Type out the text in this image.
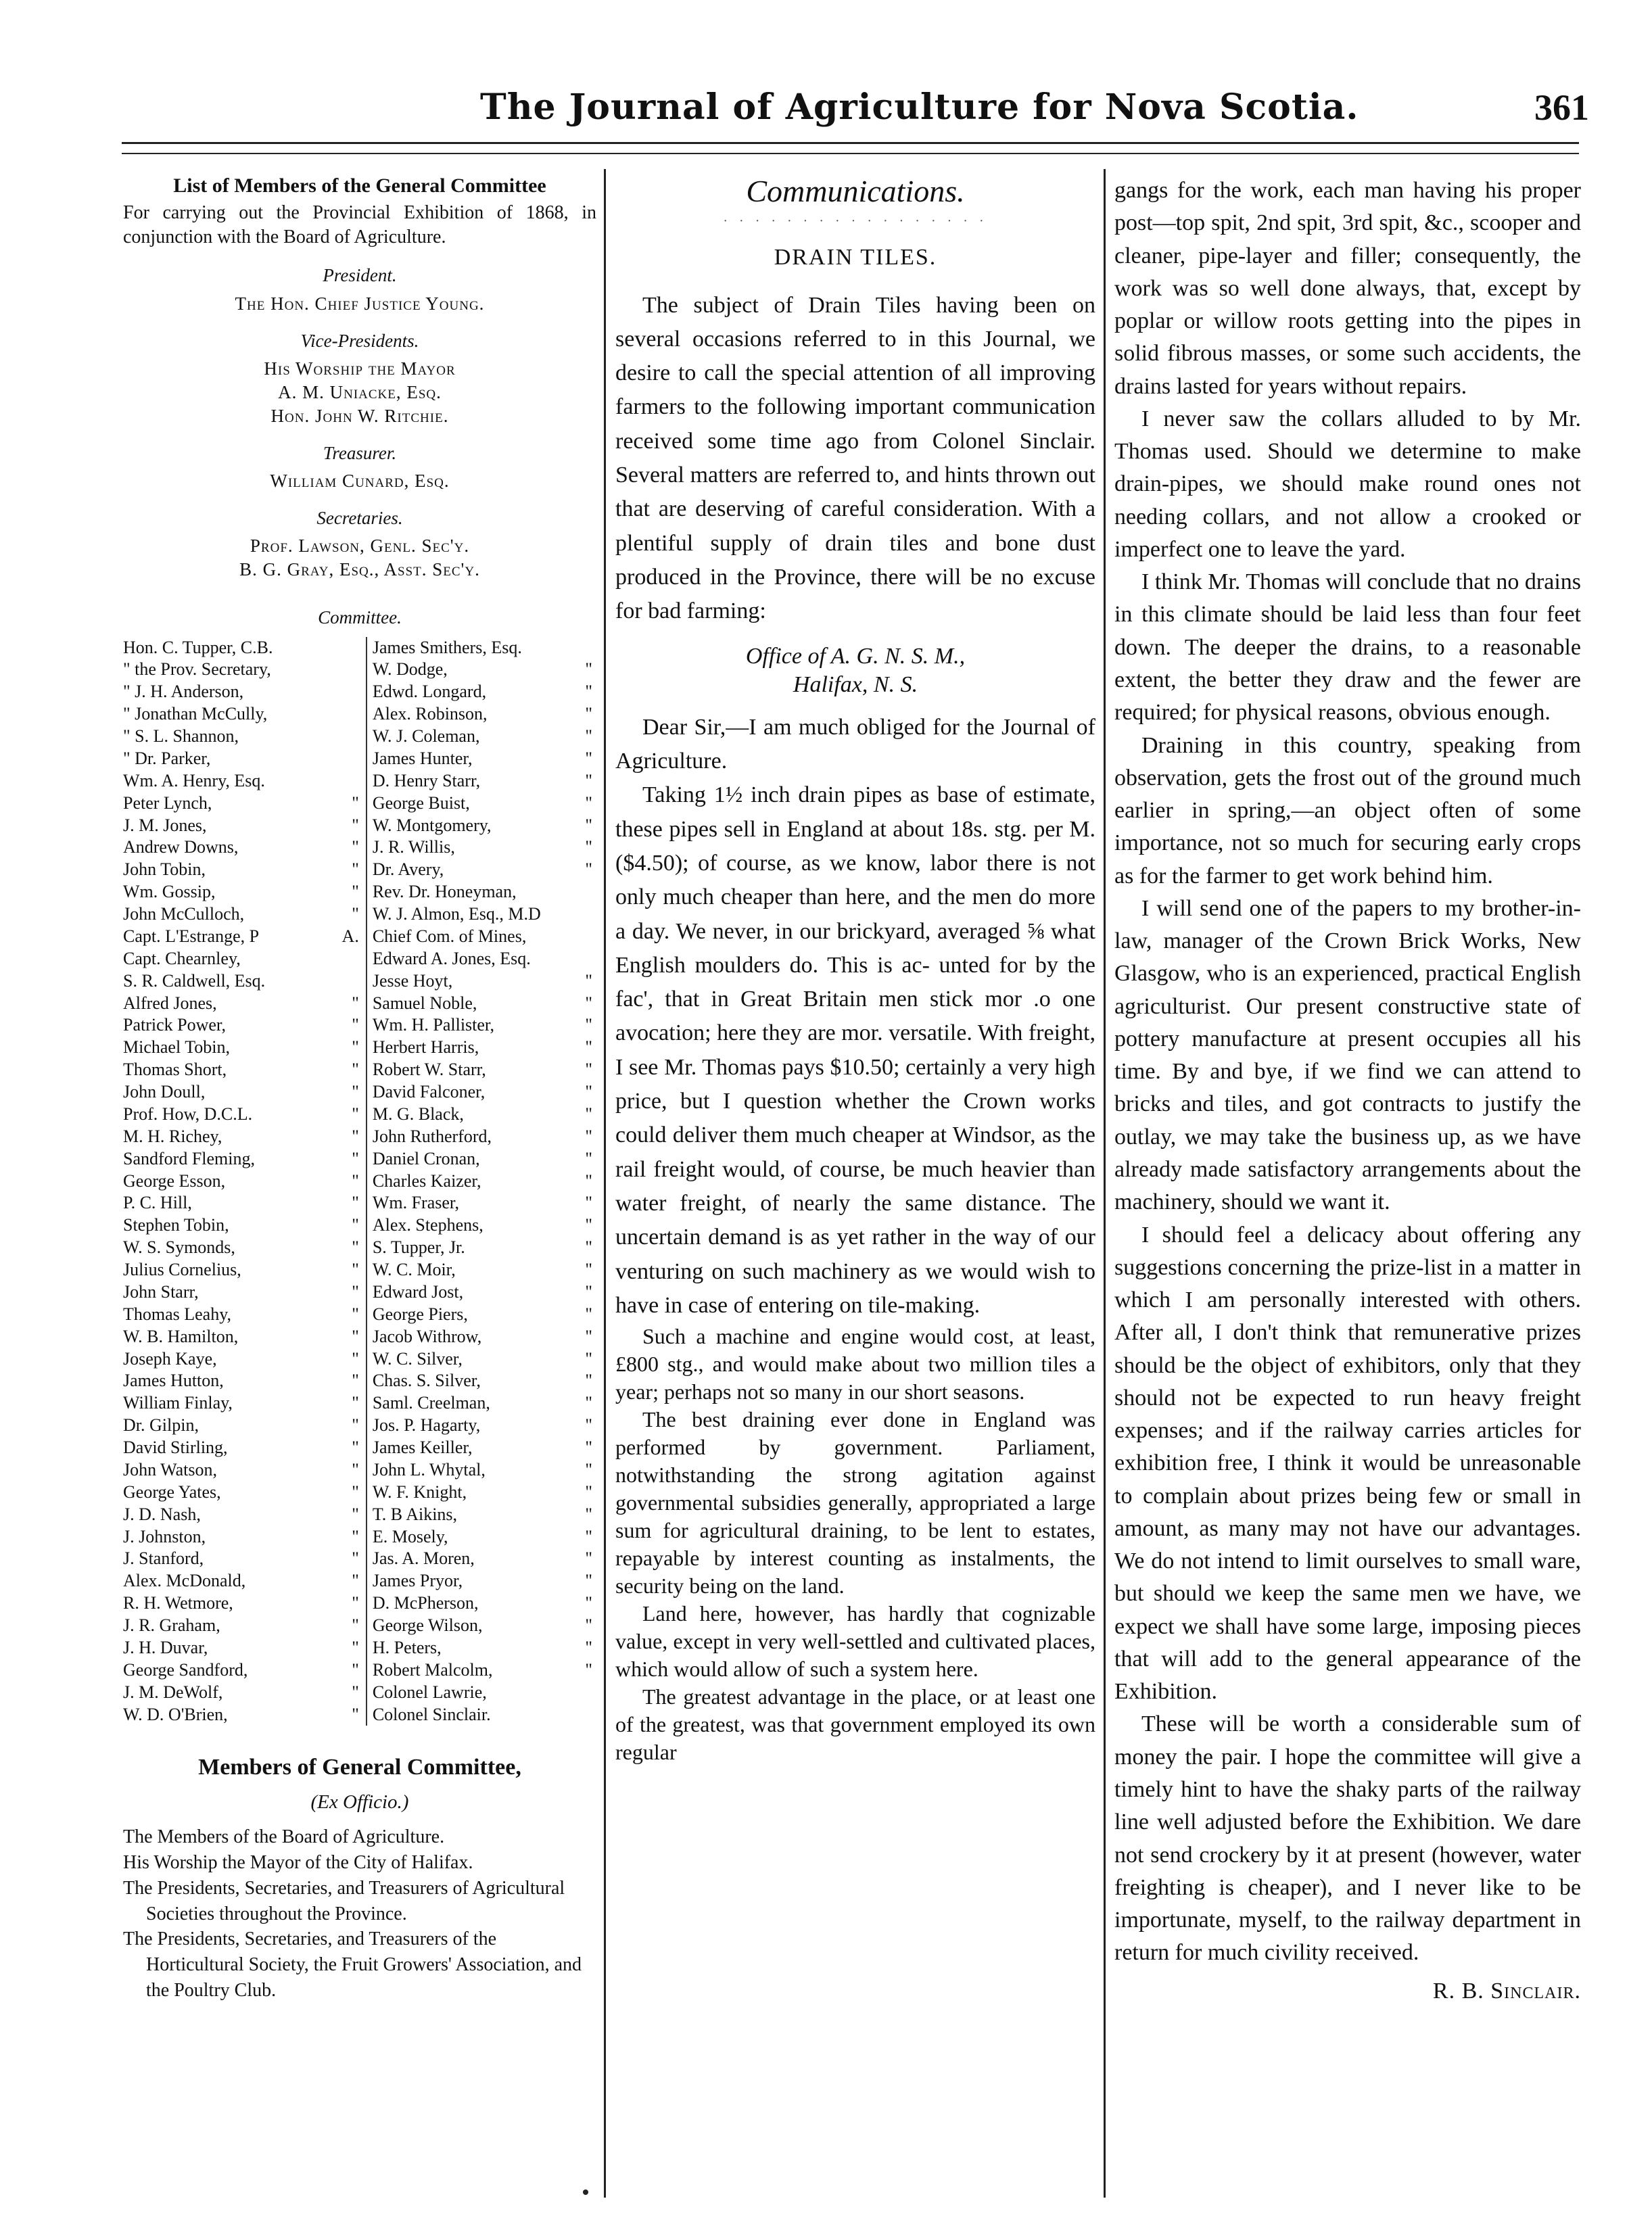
The Journal of Agriculture for Nova Scotia.	361
List of Members of the General Committee
For carrying out the Provincial Exhibition of 1868, in conjunction with the Board of Agriculture.
President.
The Hon. Chief Justice Young.
Vice-Presidents.
His Worship the Mayor
A. M. Uniacke, Esq.
Hon. John W. Ritchie.
Treasurer.
William Cunard, Esq.
Secretaries.
Prof. Lawson, Genl. Sec'y.
B. G. Gray, Esq., Asst. Sec'y.
Committee.
Hon. C. Tupper, C.B.
" the Prov. Secretary,
" J. H. Anderson,
" Jonathan McCully,
" S. L. Shannon,
" Dr. Parker,
Wm. A. Henry, Esq.
Peter Lynch,	"
J. M. Jones,	"
Andrew Downs,	"
John Tobin,	"
Wm. Gossip,	"
John McCulloch,	"
Capt. L'Estrange, P	A.
Capt. Chearnley,
S. R. Caldwell, Esq.
Alfred Jones,	"
Patrick Power,	"
Michael Tobin,	"
Thomas Short,	"
John Doull,	"
Prof. How, D.C.L.	"
M. H. Richey,	"
Sandford Fleming,	"
George Esson,	"
P. C. Hill,	"
Stephen Tobin,	"
W. S. Symonds,	"
Julius Cornelius,	"
John Starr,	"
Thomas Leahy,	"
W. B. Hamilton,	"
Joseph Kaye,	"
James Hutton,	"
William Finlay,	"
Dr. Gilpin,	"
David Stirling,	"
John Watson,	"
George Yates,	"
J. D. Nash,	"
J. Johnston,	"
J. Stanford,	"
Alex. McDonald,	"
R. H. Wetmore,	"
J. R. Graham,	"
J. H. Duvar,	"
George Sandford,	"
J. M. DeWolf,	"
W. D. O'Brien,	"
James Smithers, Esq.
W. Dodge,	"
Edwd. Longard,	"
Alex. Robinson,	"
W. J. Coleman,	"
James Hunter,	"
D. Henry Starr,	"
George Buist,	"
W. Montgomery,	"
J. R. Willis,	"
Dr. Avery,	"
Rev. Dr. Honeyman,
W. J. Almon, Esq., M.D
Chief Com. of Mines,
Edward A. Jones, Esq.
Jesse Hoyt,	"
Samuel Noble,	"
Wm. H. Pallister,	"
Herbert Harris,	"
Robert W. Starr,	"
David Falconer,	"
M. G. Black,	"
John Rutherford,	"
Daniel Cronan,	"
Charles Kaizer,	"
Wm. Fraser,	"
Alex. Stephens,	"
S. Tupper, Jr.	"
W. C. Moir,	"
Edward Jost,	"
George Piers,	"
Jacob Withrow,	"
W. C. Silver,	"
Chas. S. Silver,	"
Saml. Creelman,	"
Jos. P. Hagarty,	"
James Keiller,	"
John L. Whytal,	"
W. F. Knight,	"
T. B Aikins,	"
E. Mosely,	"
Jas. A. Moren,	"
James Pryor,	"
D. McPherson,	"
George Wilson,	"
H. Peters,	"
Robert Malcolm,	"
Colonel Lawrie,
Colonel Sinclair.
Members of General Committee,
(Ex Officio.)

The Members of the Board of Agriculture.

His Worship the Mayor of the City of Halifax.

The Presidents, Secretaries, and Treasurers of Agricultural Societies throughout the Province.

The Presidents, Secretaries, and Treasurers of the Horticultural Society, the Fruit Growers' Association, and the Poultry Club.

Communications.
· · · · · · · · · · · · · · · · ·
DRAIN TILES.

The subject of Drain Tiles having been on several occasions referred to in this Journal, we desire to call the special attention of all improving farmers to the following important communication received some time ago from Colonel Sinclair. Several matters are referred to, and hints thrown out that are deserving of careful consideration. With a plentiful supply of drain tiles and bone dust produced in the Province, there will be no excuse for bad farming:

Office of A. G. N. S. M.,
Halifax, N. S.

Dear Sir,—I am much obliged for the Journal of Agriculture.

Taking 1½ inch drain pipes as base of estimate, these pipes sell in England at about 18s. stg. per M. ($4.50); of course, as we know, labor there is not only much cheaper than here, and the men do more a day. We never, in our brickyard, averaged ⅝ what English moulders do. This is ac- unted for by the fac', that in Great Britain men stick mor .o one avocation; here they are mor. versatile. With freight, I see Mr. Thomas pays $10.50; certainly a very high price, but I question whether the Crown works could deliver them much cheaper at Windsor, as the rail freight would, of course, be much heavier than water freight, of nearly the same distance. The uncertain demand is as yet rather in the way of our venturing on such machinery as we would wish to have in case of entering on tile-making.

Such a machine and engine would cost, at least, £800 stg., and would make about two million tiles a year; perhaps not so many in our short seasons.

The best draining ever done in England was performed by government. Parliament, notwithstanding the strong agitation against governmental subsidies generally, appropriated a large sum for agricultural draining, to be lent to estates, repayable by interest counting as instalments, the security being on the land.

Land here, however, has hardly that cognizable value, except in very well-settled and cultivated places, which would allow of such a system here.

The greatest advantage in the place, or at least one of the greatest, was that government employed its own regular

gangs for the work, each man having his proper post—top spit, 2nd spit, 3rd spit, &c., scooper and cleaner, pipe-layer and filler; consequently, the work was so well done always, that, except by poplar or willow roots getting into the pipes in solid fibrous masses, or some such accidents, the drains lasted for years without repairs.

I never saw the collars alluded to by Mr. Thomas used. Should we determine to make drain-pipes, we should make round ones not needing collars, and not allow a crooked or imperfect one to leave the yard.

I think Mr. Thomas will conclude that no drains in this climate should be laid less than four feet down. The deeper the drains, to a reasonable extent, the better they draw and the fewer are required; for physical reasons, obvious enough.

Draining in this country, speaking from observation, gets the frost out of the ground much earlier in spring,—an object often of some importance, not so much for securing early crops as for the farmer to get work behind him.

I will send one of the papers to my brother-in-law, manager of the Crown Brick Works, New Glasgow, who is an experienced, practical English agriculturist. Our present constructive state of pottery manufacture at present occupies all his time. By and bye, if we find we can attend to bricks and tiles, and got contracts to justify the outlay, we may take the business up, as we have already made satisfactory arrangements about the machinery, should we want it.

I should feel a delicacy about offering any suggestions concerning the prize-list in a matter in which I am personally interested with others. After all, I don't think that remunerative prizes should be the object of exhibitors, only that they should not be expected to run heavy freight expenses; and if the railway carries articles for exhibition free, I think it would be unreasonable to complain about prizes being few or small in amount, as many may not have our advantages. We do not intend to limit ourselves to small ware, but should we keep the same men we have, we expect we shall have some large, imposing pieces that will add to the general appearance of the Exhibition.

These will be worth a considerable sum of money the pair. I hope the committee will give a timely hint to have the shaky parts of the railway line well adjusted before the Exhibition. We dare not send crockery by it at present (however, water freighting is cheaper), and I never like to be importunate, myself, to the railway department in return for much civility received.

R. B. Sinclair.
